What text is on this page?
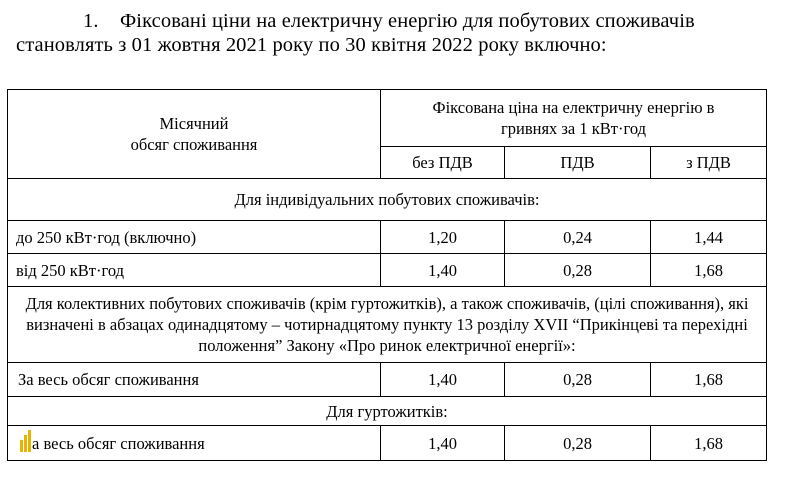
1. Фіксовані ціни на електричну енергію для побутових споживачів
становлять з 01 жовтня 2021 року по 30 квітня 2022 року включно:
Місячний
обсяг споживання	Фіксована ціна на електричну енергію в гривнях за 1 кВт·год		
	без ПДВ	ПДВ	з ПДВ
Для індивідуальних побутових споживачів:			
до 250 кВт·год (включно)	1,20	0,24	1,44
від 250 кВт·год	1,40	0,28	1,68
Для колективних побутових споживачів (крім гуртожитків), а також споживачів, (цілі споживання), які визначені в абзацах одинадцятому – чотирнадцятому пункту 13 розділу XVII “Прикінцеві та перехідні положення” Закону «Про ринок електричної енергії»:			
За весь обсяг споживання	1,40	0,28	1,68
Для гуртожитків:			

а весь обсяг споживання	1,40	0,28	1,68
